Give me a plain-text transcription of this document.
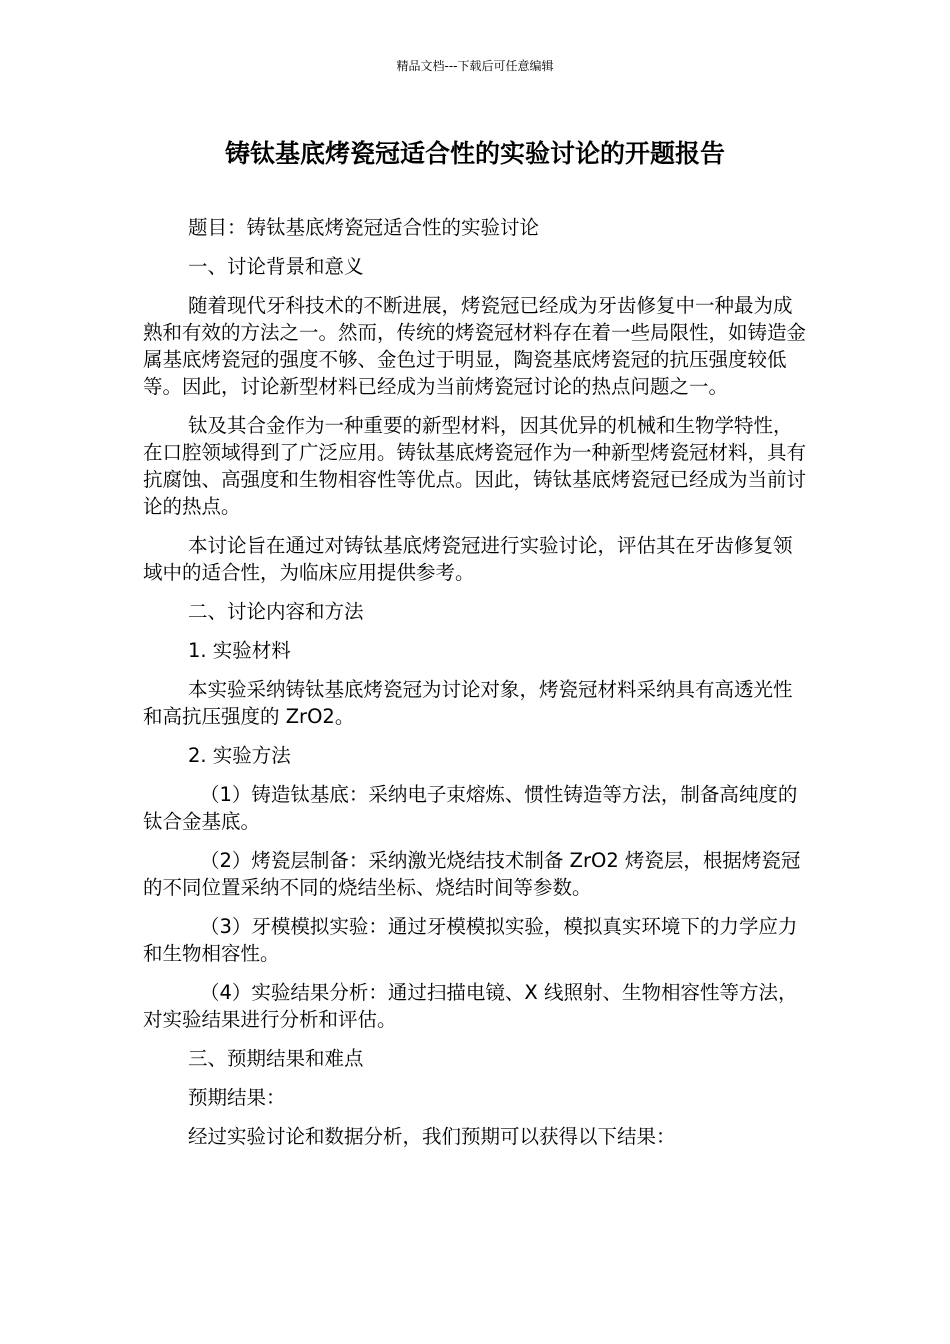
精品文档---下载后可任意编辑
铸钛基底烤瓷冠适合性的实验讨论的开题报告

题目：铸钛基底烤瓷冠适合性的实验讨论

一、讨论背景和意义

随着现代牙科技术的不断进展，烤瓷冠已经成为牙齿修复中一种最为成熟和有效的方法之一。然而，传统的烤瓷冠材料存在着一些局限性，如铸造金属基底烤瓷冠的强度不够、金色过于明显，陶瓷基底烤瓷冠的抗压强度较低等。因此，讨论新型材料已经成为当前烤瓷冠讨论的热点问题之一。

钛及其合金作为一种重要的新型材料，因其优异的机械和生物学特性，在口腔领域得到了广泛应用。铸钛基底烤瓷冠作为一种新型烤瓷冠材料，具有抗腐蚀、高强度和生物相容性等优点。因此，铸钛基底烤瓷冠已经成为当前讨论的热点。

本讨论旨在通过对铸钛基底烤瓷冠进行实验讨论，评估其在牙齿修复领域中的适合性，为临床应用提供参考。

二、讨论内容和方法

1. 实验材料

本实验采纳铸钛基底烤瓷冠为讨论对象，烤瓷冠材料采纳具有高透光性和高抗压强度的 ZrO2。

2. 实验方法

（1）铸造钛基底：采纳电子束熔炼、惯性铸造等方法，制备高纯度的钛合金基底。

（2）烤瓷层制备：采纳激光烧结技术制备 ZrO2 烤瓷层，根据烤瓷冠的不同位置采纳不同的烧结坐标、烧结时间等参数。

（3）牙模模拟实验：通过牙模模拟实验，模拟真实环境下的力学应力和生物相容性。

（4）实验结果分析：通过扫描电镜、X 线照射、生物相容性等方法，对实验结果进行分析和评估。

三、预期结果和难点

预期结果：

经过实验讨论和数据分析，我们预期可以获得以下结果：
